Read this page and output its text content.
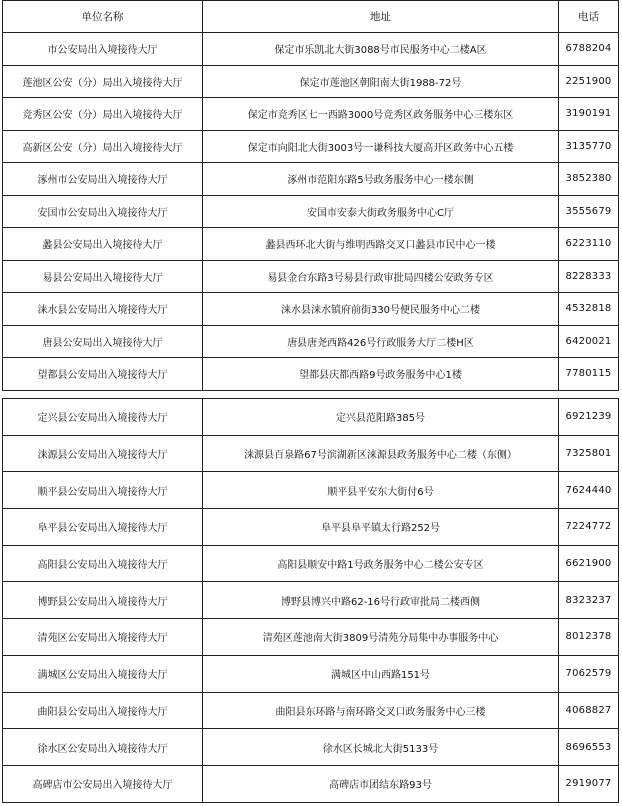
单位名称	地址	电话
市公安局出入境接待大厅	保定市乐凯北大街3088号市民服务中心二楼A区	6788204
莲池区公安（分）局出入境接待大厅	保定市莲池区朝阳南大街1988-72号	2251900
竞秀区公安（分）局出入境接待大厅	保定市竞秀区七一西路3000号竞秀区政务服务中心三楼东区	3190191
高新区公安（分）局出入境接待大厅	保定市向阳北大街3003号一谦科技大厦高开区政务中心五楼	3135770
涿州市公安局出入境接待大厅	涿州市范阳东路5号政务服务中心一楼东侧	3852380
安国市公安局出入境接待大厅	安国市安泰大街政务服务中心C厅	3555679
蠡县公安局出入境接待大厅	蠡县西环北大街与维明西路交叉口蠡县市民中心一楼	6223110
易县公安局出入境接待大厅	易县金台东路3号易县行政审批局四楼公安政务专区	8228333
涞水县公安局出入境接待大厅	涞水县涞水镇府前街330号便民服务中心二楼	4532818
唐县公安局出入境接待大厅	唐县唐尧西路426号行政服务大厅二楼H区	6420021
望都县公安局出入境接待大厅	望都县庆都西路9号政务服务中心1楼	7780115
定兴县公安局出入境接待大厅	定兴县范阳路385号	6921239
涞源县公安局出入境接待大厅	涞源县百泉路67号滨湖新区涞源县政务服务中心二楼（东侧）	7325801
顺平县公安局出入境接待大厅	顺平县平安东大街付6号	7624440
阜平县公安局出入境接待大厅	阜平县阜平镇太行路252号	7224772
高阳县公安局出入境接待大厅	高阳县顺安中路1号政务服务中心二楼公安专区	6621900
博野县公安局出入境接待大厅	博野县博兴中路62-16号行政审批局二楼西侧	8323237
清苑区公安局出入境接待大厅	清苑区莲池南大街3809号清苑分局集中办事服务中心	8012378
满城区公安局出入境接待大厅	满城区中山西路151号	7062579
曲阳县公安局出入境接待大厅	曲阳县东环路与南环路交叉口政务服务中心三楼	4068827
徐水区公安局出入境接待大厅	徐水区长城北大街5133号	8696553
高碑店市公安局出入境接待大厅	高碑店市团结东路93号	2919077
